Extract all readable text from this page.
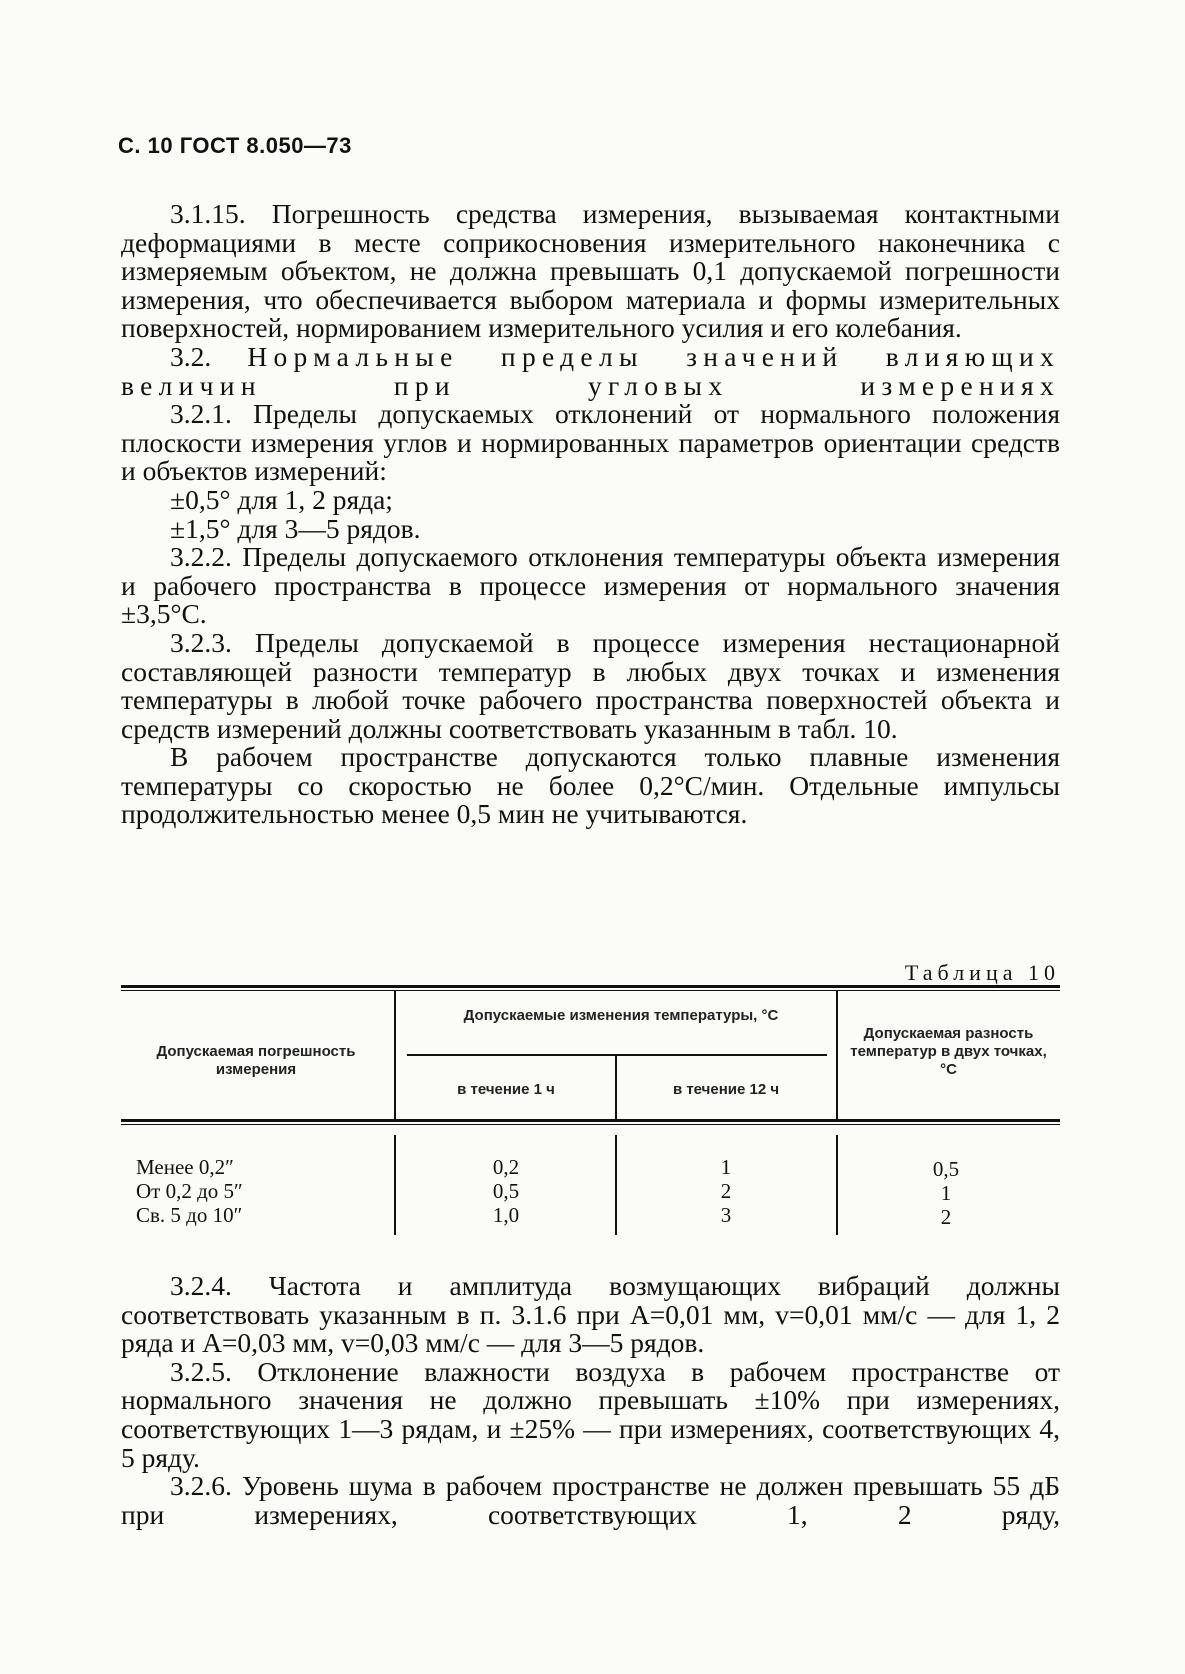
С. 10 ГОСТ 8.050—73

3.1.15. Погрешность средства измерения, вызываемая контактными деформациями в месте соприкосновения измерительного наконечника с измеряемым объектом, не должна превышать 0,1 допускаемой погрешности измерения, что обеспечивается выбором материала и формы измерительных поверхностей, нормированием измерительного усилия и его колебания.

3.2. Нормальные пределы значений влияющих величин при угловых измерениях

3.2.1. Пределы допускаемых отклонений от нормального положения плоскости измерения углов и нормированных параметров ориентации средств и объектов измерений:

±0,5° для 1, 2 ряда;

±1,5° для 3—5 рядов.

3.2.2. Пределы допускаемого отклонения температуры объекта измерения и рабочего пространства в процессе измерения от нормального значения ±3,5°C.

3.2.3. Пределы допускаемой в процессе измерения нестационарной составляющей разности температур в любых двух точках и изменения температуры в любой точке рабочего пространства поверхностей объекта и средств измерений должны соответствовать указанным в табл. 10.

В рабочем пространстве допускаются только плавные изменения температуры со скоростью не более 0,2°C/мин. Отдельные импульсы продолжительностью менее 0,5 мин не учитываются.

Таблица 10
Допускаемая погрешность измерения
Допускаемые изменения температуры, °C
в течение 1 ч	в течение 12 ч
Допускаемая разность температур в двух точках, °C
Менее 0,2″
От 0,2 до 5″
Св. 5 до 10″
0,2
0,5
1,0
1
2
3
0,5
1
2

3.2.4. Частота и амплитуда возмущающих вибраций должны соответствовать указанным в п. 3.1.6 при A=0,01 мм, v=0,01 мм/с — для 1, 2 ряда и A=0,03 мм, v=0,03 мм/с — для 3—5 рядов.

3.2.5. Отклонение влажности воздуха в рабочем пространстве от нормального значения не должно превышать ±10% при измерениях, соответствующих 1—3 рядам, и ±25% — при измерениях, соответствующих 4, 5 ряду.

3.2.6. Уровень шума в рабочем пространстве не должен превышать 55 дБ при измерениях, соответствующих 1, 2 ряду,
